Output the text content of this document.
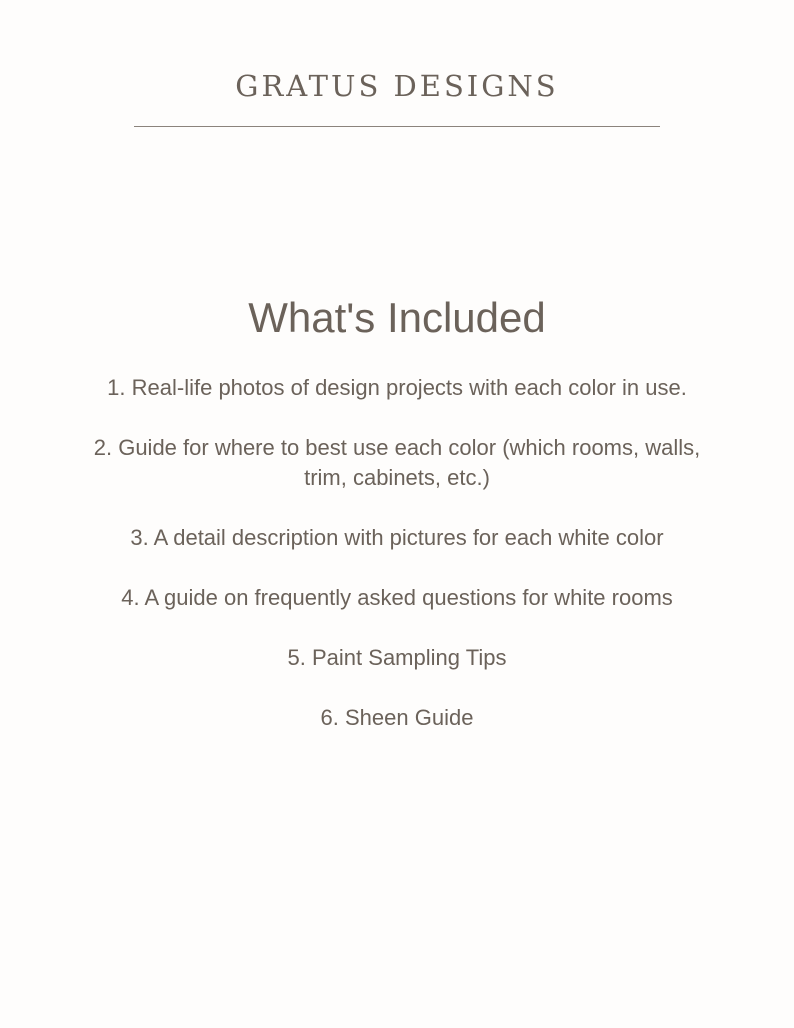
GRATUS DESIGNS
What's Included
1. Real-life photos of design projects with each color in use.
2. Guide for where to best use each color (which rooms, walls, trim, cabinets, etc.)
3. A detail description with pictures for each white color
4. A guide on frequently asked questions for white rooms
5. Paint Sampling Tips
6. Sheen Guide
